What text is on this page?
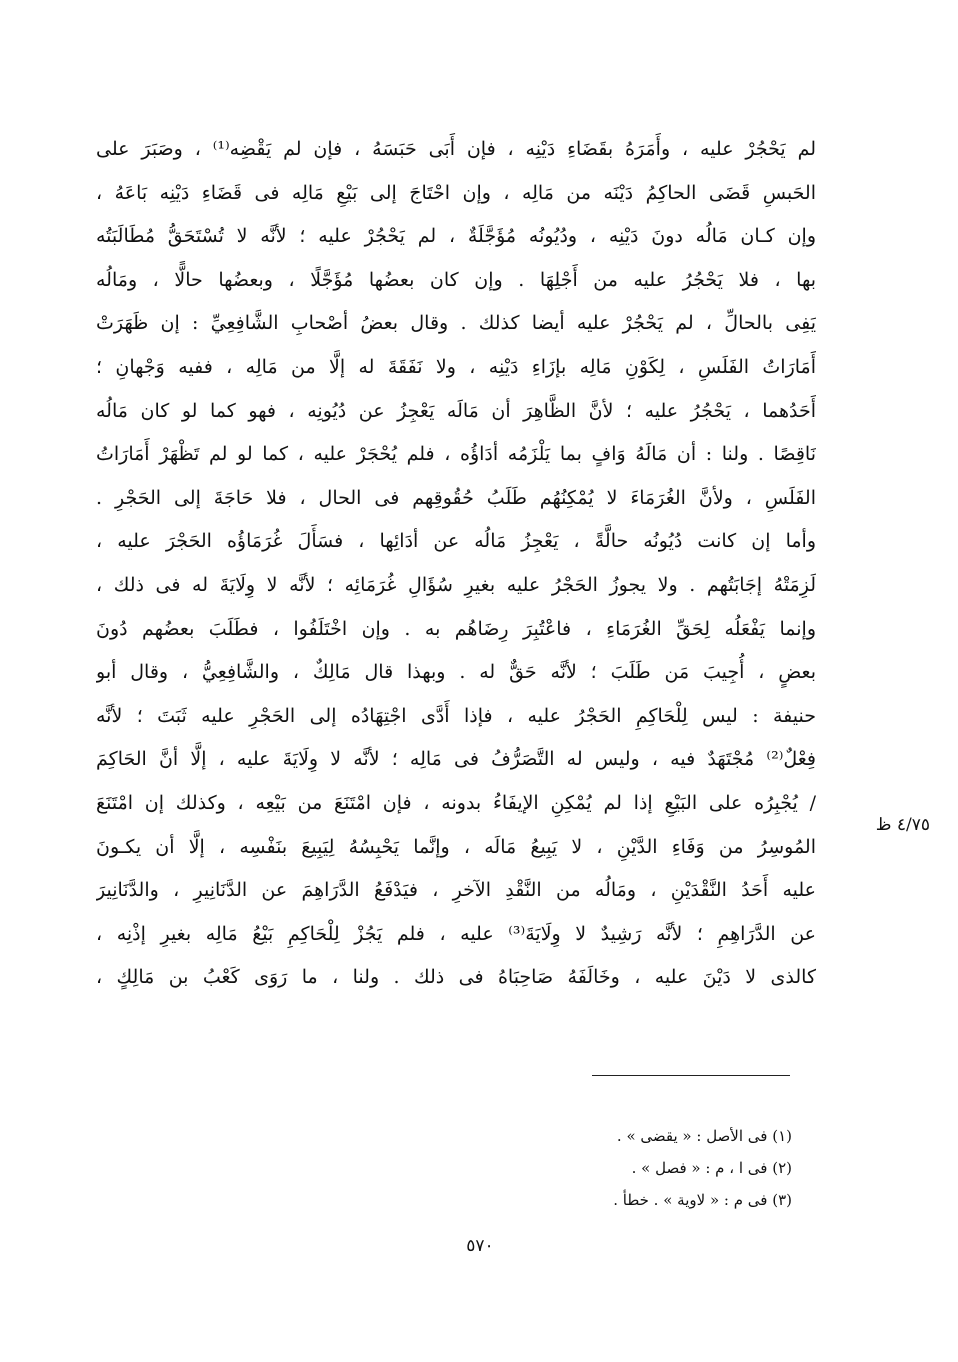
لم يَحْجُرْ عليه ، وأَمَرَهُ بقَضَاءِ دَيْنِه ، فإن أَبَى حَبَسَهُ ، فإن لم يَقْضِه⁽¹⁾ ، وصَبَرَ على
الحَبسِ قَضَى الحاكِمُ دَيْنَه من مَالِه ، وإن احْتَاجَ إلى بَيْعِ مَالِه فى قَضَاءِ دَيْنِه بَاعَهُ ،
وإن كـان مَالُه دونَ دَيْنِه ، ودُيُونُه مُؤَجَّلَةٌ ، لم يَحْجُرْ عليه ؛ لأنَّه لا تُسْتَحَقُّ مُطَالَبَتُه
بها ، فلا يَحْجُرُ عليه من أَجْلِهَا . وإن كان بعضُها مُؤَجَّلًا ، وبعضُها حالًّا ، ومَالُه
يَفِى بالحالِّ ، لم يَحْجُرْ عليه أيضا كذلك . وقال بعضُ أصْحابِ الشَّافِعِيِّ : إن ظَهَرَتْ
أَمَارَاتُ الفَلَسِ ، لِكَوْنِ مَالِه بإزَاءِ دَيْنِه ، ولا نَفَقَةَ له إلَّا من مَالِه ، ففيه وَجْهانِ ؛
أَحَدُهما ، يَحْجُرُ عليه ؛ لأنَّ الظَّاهِرَ أن مَالَه يَعْجِزُ عن دُيُونِه ، فهو كما لو كان مَالُه
نَاقِصًا . ولنا : أن مَالَهُ وَافٍ بما يَلْزَمُه أدَاؤُه ، فلم يُحْجَرْ عليه ، كما لو لم تَظْهَرْ أَمَارَاتُ
الفَلَسِ ، ولأنَّ الغُرَمَاءَ لا يُمْكِنُهُم طَلَبُ حُقُوقِهم فى الحال ، فلا حَاجَةَ إلى الحَجْرِ .
وأما إن كانت دُيُونُه حالَّةً ، يَعْجِزُ مَالُه عن أدَائِها ، فسَأَلَ غُرَمَاؤُه الحَجْرَ عليه ،
لَزِمَتْهُ إجَابَتُهم . ولا يجوزُ الحَجْرُ عليه بغيرِ سُؤَالِ غُرَمَائِه ؛ لأنَّه لا وِلَايَةَ له فى ذلك ،
وإنما يَفْعَلُه لِحَقِّ الغُرَمَاءِ ، فاعْتُبِرَ رِضَاهُم به . وإن اخْتَلَفُوا ، فطَلَبَ بعضُهم دُونَ
بعضٍ ، أُجِيبَ مَن طَلَبَ ؛ لأنَّه حَقٌّ له . وبهذا قال مَالِكٌ ، والشَّافِعِيُّ ، وقال أبو
حنيفة : ليس لِلْحَاكِمِ الحَجْرُ عليه ، فإذا أَدَّى اجْتِهَادُه إلى الحَجْرِ عليه ثَبَتَ ؛ لأنَّه
فِعْلٌ⁽²⁾ مُجْتَهَدٌ فيه ، وليس له التَّصَرُّفُ فى مَالِه ؛ لأنَّه لا وِلَايَةَ عليه ، إلَّا أنَّ الحَاكِمَ
/ يُجْبِرُه على البَيْعِ إذا لم يُمْكِنِ الإيفَاءُ بدونه ، فإن امْتَنَعَ من بَيْعِه ، وكذلك إن امْتَنَعَ
المُوسِرُ من وَفَاءِ الدَّيْنِ ، لا يَبِيعُ مَالَه ، وإنَّما يَحْبِسُهُ لِيَبِيعَ بنَفْسِه ، إلَّا أن يكـونَ
عليه أَحَدُ النَّقْدَيْنِ ، ومَالُه من النَّقْدِ الآخرِ ، فيَدْفَعُ الدَّرَاهِمَ عن الدَّنَانِيرِ ، والدَّنَانِيرَ
عن الدَّرَاهِمِ ؛ لأنَّه رَشِيدٌ لا وِلَايَةَ⁽³⁾ عليه ، فلم يَجُزْ لِلْحَاكِمِ بَيْعُ مَالِه بغيرِ إذْنِه ،
كالذى لا دَيْنَ عليه ، وخَالَفَهُ صَاحِبَاهُ فى ذلك . ولنا ، ما رَوَى كَعْبُ بن مَالِكٍ ،
٤/٧٥ ظ
(١) فى الأصل : « يقضى » .
(٢) فى ا ، م : « فصل » .
(٣) فى م : « لاوية » . خطأ .
٥٧٠
